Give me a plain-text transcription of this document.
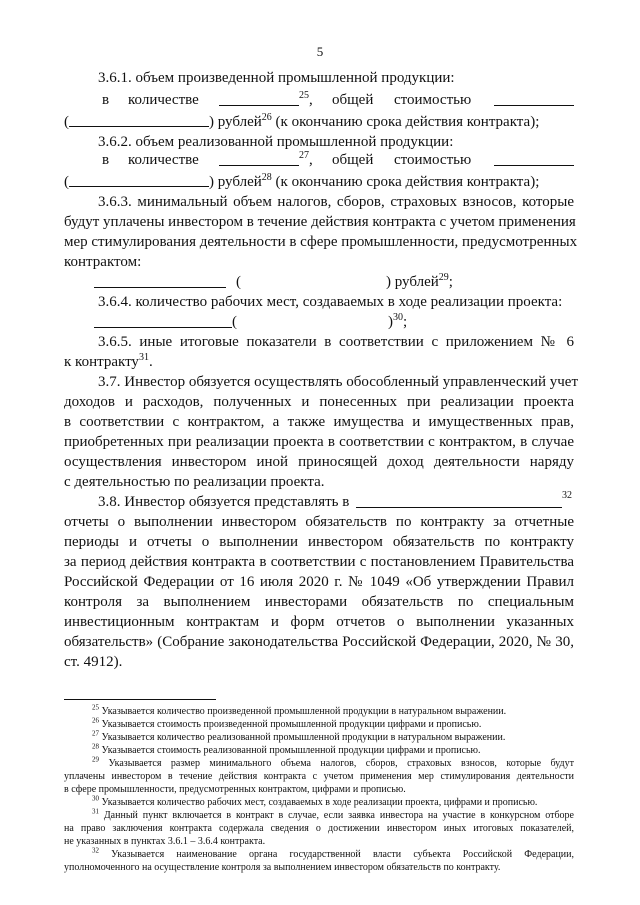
5
3.6.1. объем произведенной промышленной продукции:
в количестве	$^{25}$, общей стоимостью
(	) рублей$^{26}$ (к окончанию срока действия контракта);
3.6.2. объем реализованной промышленной продукции:
в количестве	$^{27}$, общей стоимостью
(	) рублей$^{28}$ (к окончанию срока действия контракта);
3.6.3. минимальный объем налогов, сборов, страховых взносов, которые
будут уплачены инвестором в течение действия контракта с учетом применения
мер стимулирования деятельности в сфере промышленности, предусмотренных
контрактом:
(	) рублей$^{29}$;
3.6.4. количество рабочих мест, создаваемых в ходе реализации проекта:
(	)$^{30}$;
3.6.5. иные итоговые показатели в соответствии с приложением № 6
к контракту$^{31}$.
3.7. Инвестор обязуется осуществлять обособленный управленческий учет
доходов и расходов, полученных и понесенных при реализации проекта
в соответствии с контрактом, а также имущества и имущественных прав,
приобретенных при реализации проекта в соответствии с контрактом, в случае
осуществления инвестором иной приносящей доход деятельности наряду
с деятельностью по реализации проекта.
3.8. Инвестор обязуется представлять в	32
отчеты о выполнении инвестором обязательств по контракту за отчетные
периоды и отчеты о выполнении инвестором обязательств по контракту
за период действия контракта в соответствии с постановлением Правительства
Российской Федерации от 16 июля 2020 г. № 1049 «Об утверждении Правил
контроля за выполнением инвесторами обязательств по специальным
инвестиционным контрактам и форм отчетов о выполнении указанных
обязательств» (Собрание законодательства Российской Федерации, 2020, № 30,
ст. 4912).
$^{25}$ Указывается количество произведенной промышленной продукции в натуральном выражении.
$^{26}$ Указывается стоимость произведенной промышленной продукции цифрами и прописью.
$^{27}$ Указывается количество реализованной промышленной продукции в натуральном выражении.
$^{28}$ Указывается стоимость реализованной промышленной продукции цифрами и прописью.
$^{29}$ Указывается размер минимального объема налогов, сборов, страховых взносов, которые будут
уплачены инвестором в течение действия контракта с учетом применения мер стимулирования деятельности
в сфере промышленности, предусмотренных контрактом, цифрами и прописью.
$^{30}$ Указывается количество рабочих мест, создаваемых в ходе реализации проекта, цифрами и прописью.
$^{31}$ Данный пункт включается в контракт в случае, если заявка инвестора на участие в конкурсном отборе
на право заключения контракта содержала сведения о достижении инвестором иных итоговых показателей,
не указанных в пунктах 3.6.1 – 3.6.4 контракта.
$^{32}$ Указывается наименование органа государственной власти субъекта Российской Федерации,
уполномоченного на осуществление контроля за выполнением инвестором обязательств по контракту.
